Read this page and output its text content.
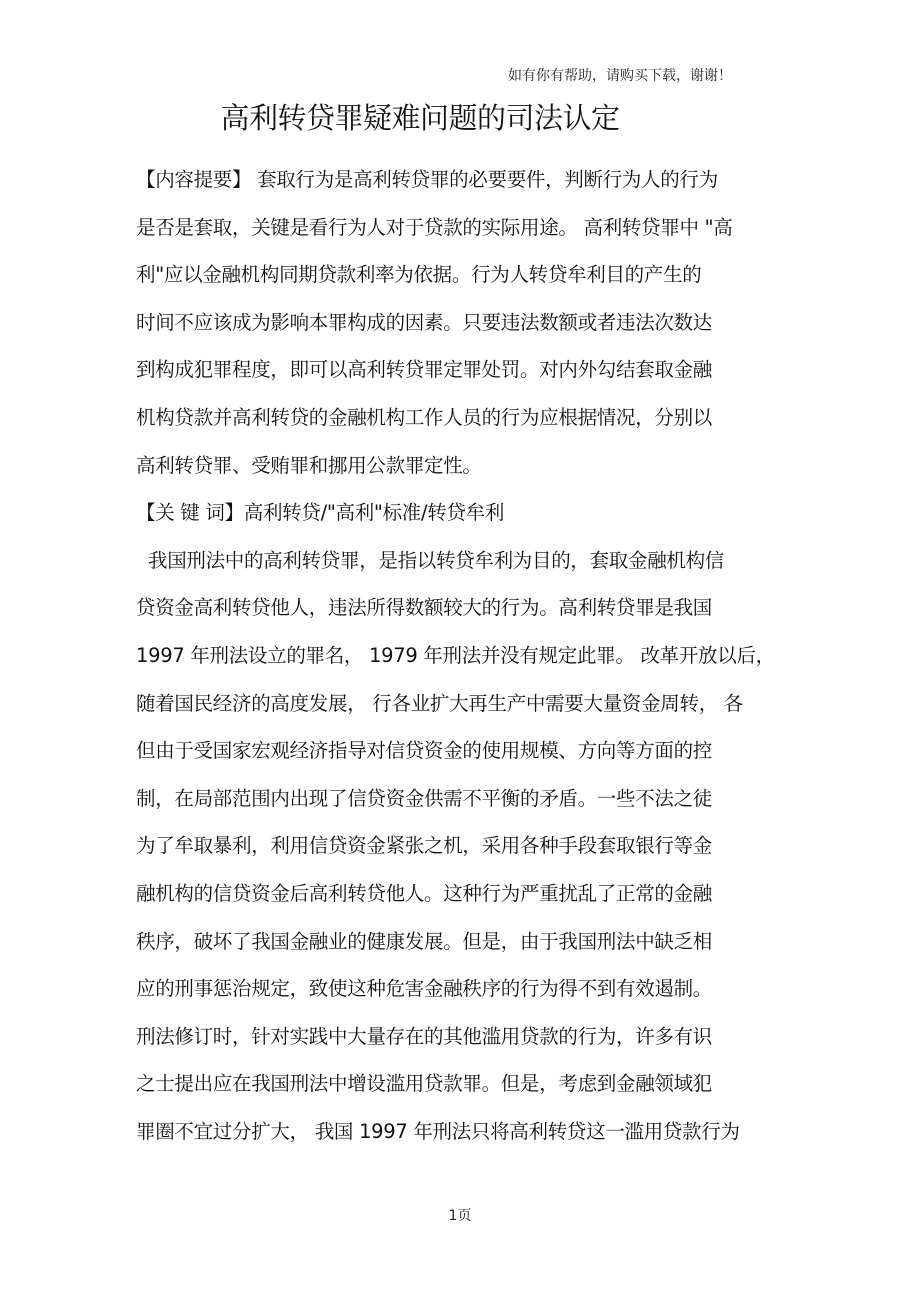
如有你有帮助，请购买下载，谢谢！
高利转贷罪疑难问题的司法认定
【内容提要】 套取行为是高利转贷罪的必要要件，判断行为人的行为
是否是套取，关键是看行为人对于贷款的实际用途。 高利转贷罪中 "高
利"应以金融机构同期贷款利率为依据。行为人转贷牟利目的产生的
时间不应该成为影响本罪构成的因素。只要违法数额或者违法次数达
到构成犯罪程度，即可以高利转贷罪定罪处罚。对内外勾结套取金融
机构贷款并高利转贷的金融机构工作人员的行为应根据情况，分别以
高利转贷罪、受贿罪和挪用公款罪定性。
【关 键 词】高利转贷/"高利"标准/转贷牟利
我国刑法中的高利转贷罪，是指以转贷牟利为目的，套取金融机构信
贷资金高利转贷他人，违法所得数额较大的行为。高利转贷罪是我国
1997 年刑法设立的罪名， 1979 年刑法并没有规定此罪。 改革开放以后，
随着国民经济的高度发展， 行各业扩大再生产中需要大量资金周转， 各
但由于受国家宏观经济指导对信贷资金的使用规模、方向等方面的控
制，在局部范围内出现了信贷资金供需不平衡的矛盾。一些不法之徒
为了牟取暴利，利用信贷资金紧张之机，采用各种手段套取银行等金
融机构的信贷资金后高利转贷他人。这种行为严重扰乱了正常的金融
秩序，破坏了我国金融业的健康发展。但是，由于我国刑法中缺乏相
应的刑事惩治规定，致使这种危害金融秩序的行为得不到有效遏制。
刑法修订时，针对实践中大量存在的其他滥用贷款的行为，许多有识
之士提出应在我国刑法中增设滥用贷款罪。但是，考虑到金融领域犯
罪圈不宜过分扩大， 我国 1997 年刑法只将高利转贷这一滥用贷款行为
1页
